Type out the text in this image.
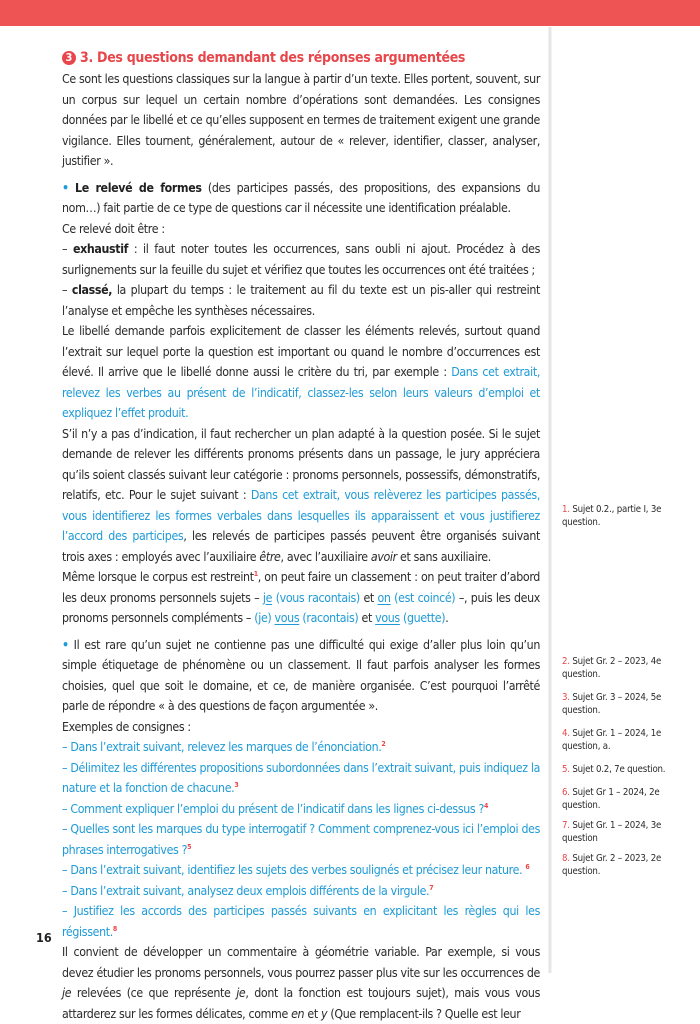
3 3. Des questions demandant des réponses argumentées

Ce sont les questions classiques sur la langue à partir d’un texte. Elles portent, souvent, sur un corpus sur lequel un certain nombre d’opérations sont demandées. Les consignes données par le libellé et ce qu’elles supposent en termes de traitement exigent une grande vigilance. Elles tournent, généralement, autour de « relever, identifier, classer, analyser, justifier ».

• Le relevé de formes (des participes passés, des propositions, des expansions du nom…) fait partie de ce type de questions car il nécessite une identification préalable.

Ce relevé doit être :

– exhaustif : il faut noter toutes les occurrences, sans oubli ni ajout. Procédez à des surlignements sur la feuille du sujet et vérifiez que toutes les occurrences ont été traitées ;

– classé, la plupart du temps : le traitement au fil du texte est un pis-aller qui restreint l’analyse et empêche les synthèses nécessaires.

Le libellé demande parfois explicitement de classer les éléments relevés, surtout quand l’extrait sur lequel porte la question est important ou quand le nombre d’occurrences est élevé. Il arrive que le libellé donne aussi le critère du tri, par exemple : Dans cet extrait, relevez les verbes au présent de l’indicatif, classez-les selon leurs valeurs d’emploi et expliquez l’effet produit.

S’il n’y a pas d’indication, il faut rechercher un plan adapté à la question posée. Si le sujet demande de relever les différents pronoms présents dans un passage, le jury appréciera qu’ils soient classés suivant leur catégorie : pronoms personnels, possessifs, démonstratifs, relatifs, etc. Pour le sujet suivant : Dans cet extrait, vous relèverez les participes passés, vous identifierez les formes verbales dans lesquelles ils apparaissent et vous justifierez l’accord des participes, les relevés de participes passés peuvent être organisés suivant trois axes : employés avec l’auxiliaire être, avec l’auxiliaire avoir et sans auxiliaire.

Même lorsque le corpus est restreint$^1$, on peut faire un classement : on peut traiter d’abord les deux pronoms personnels sujets – je (vous racontais) et on (est coincé) –, puis les deux pronoms personnels compléments – (je) vous (racontais) et vous (guette).

• Il est rare qu’un sujet ne contienne pas une difficulté qui exige d’aller plus loin qu’un simple étiquetage de phénomène ou un classement. Il faut parfois analyser les formes choisies, quel que soit le domaine, et ce, de manière organisée. C’est pourquoi l’arrêté parle de répondre « à des questions de façon argumentée ».

Exemples de consignes :

– Dans l’extrait suivant, relevez les marques de l’énonciation.$^2$

– Délimitez les différentes propositions subordonnées dans l’extrait suivant, puis indiquez la nature et la fonction de chacune.$^3$

– Comment expliquer l’emploi du présent de l’indicatif dans les lignes ci-dessus ?$^4$

– Quelles sont les marques du type interrogatif ? Comment comprenez-vous ici l’emploi des phrases interrogatives ?$^5$

– Dans l’extrait suivant, identifiez les sujets des verbes soulignés et précisez leur nature. $^6$

– Dans l’extrait suivant, analysez deux emplois différents de la virgule.$^7$

– Justifiez les accords des participes passés suivants en explicitant les règles qui les régissent.$^8$

Il convient de développer un commentaire à géométrie variable. Par exemple, si vous devez étudier les pronoms personnels, vous pourrez passer plus vite sur les occurrences de je relevées (ce que représente je, dont la fonction est toujours sujet), mais vous vous attarderez sur les formes délicates, comme en et y (Que remplacent-ils ? Quelle est leur

1. Sujet 0.2., partie I, 3e question.
2. Sujet Gr. 2 – 2023, 4e question.
3. Sujet Gr. 3 – 2024, 5e question.
4. Sujet Gr. 1 – 2024, 1e question, a.
5. Sujet 0.2, 7e question.
6. Sujet Gr 1 – 2024, 2e question.
7. Sujet Gr. 1 – 2024, 3e question
8. Sujet Gr. 2 – 2023, 2e question.
16
